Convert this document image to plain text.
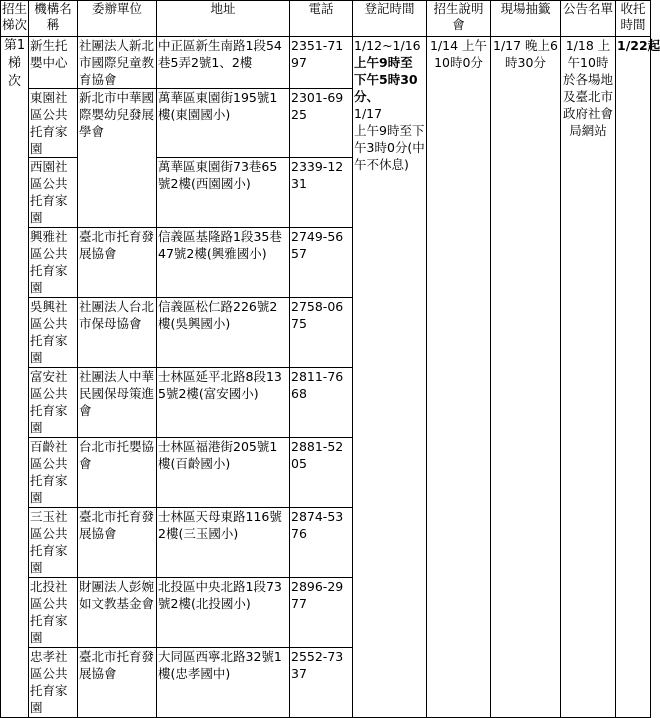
招生梯次	機構名稱	委辦單位	地址	電話	登記時間	招生說明會	現場抽籤	公告名單	收托時間
第1梯次	新生托嬰中心	社團法人新北市國際兒童教育協會	中正區新生南路1段54巷5弄2號1、2樓	2351-7197	1/12~1/16
上午9時至下午5時30分、
1/17
上午9時至下午3時0分(中午不休息)	1/14 上午10時0分	1/17 晚上6時30分	1/18 上午10時於各場地及臺北市政府社會局網站	1/22起
	東園社區公共托育家園	新北市中華國際嬰幼兒發展學會	萬華區東園街195號1樓(東園國小)	2301-6925					
	西園社區公共托育家園		萬華區東園街73巷65號2樓(西園國小)	2339-1231					
	興雅社區公共托育家園	臺北市托育發展協會	信義區基隆路1段35巷47號2樓(興雅國小)	2749-5657					
	吳興社區公共托育家園	社團法人台北市保母協會	信義區松仁路226號2樓(吳興國小)	2758-0675					
	富安社區公共托育家園	社團法人中華民國保母策進會	士林區延平北路8段135號2樓(富安國小)	2811-7668					
	百齡社區公共托育家園	台北市托嬰協會	士林區福港街205號1樓(百齡國小)	2881-5205					
	三玉社區公共托育家園	臺北市托育發展協會	士林區天母東路116號2樓(三玉國小)	2874-5376					
	北投社區公共托育家園	財團法人彭婉如文教基金會	北投區中央北路1段73號2樓(北投國小)	2896-2977					
	忠孝社區公共托育家園	臺北市托育發展協會	大同區西寧北路32號1樓(忠孝國中)	2552-7337					
